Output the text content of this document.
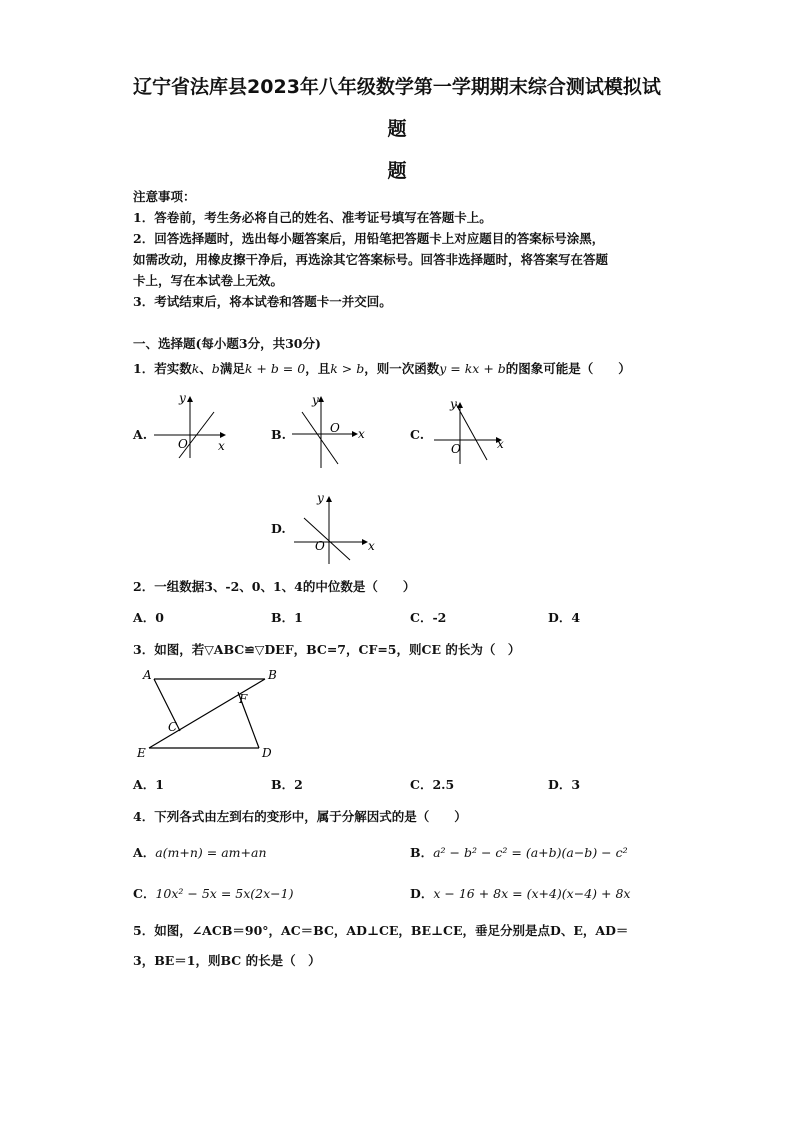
辽宁省法库县2023年八年级数学第一学期期末综合测试模拟试
题
题
注意事项：
1．答卷前，考生务必将自己的姓名、准考证号填写在答题卡上。
2．回答选择题时，选出每小题答案后，用铅笔把答题卡上对应题目的答案标号涂黑，
如需改动，用橡皮擦干净后，再选涂其它答案标号。回答非选择题时，将答案写在答题
卡上，写在本试卷上无效。
3．考试结束后，将本试卷和答题卡一并交回。
一、选择题(每小题3分，共30分)
1．若实数k、b满足k + b = 0，且k > b，则一次函数y = kx + b的图象可能是（　　）
A.	B.	C.
D.
y
x
O
y
x
O
y
x
O
y
x
O
2．一组数据3、-2、0、1、4的中位数是（　　）
A．0	B．1	C．-2	D．4
3．如图，若▽ABC≌▽DEF，BC=7，CF=5，则CE 的长为（　）
A	B
C
D
E
F
A．1	B．2	C．2.5	D．3
4．下列各式由左到右的变形中，属于分解因式的是（　　）
A．a(m+n) = am+an	B．a² − b² − c² = (a+b)(a−b) − c²
C．10x² − 5x = 5x(2x−1)	D．x − 16 + 8x = (x+4)(x−4) + 8x
5．如图，∠ACB＝90°，AC＝BC，AD⊥CE，BE⊥CE，垂足分别是点D、E，AD＝
3，BE＝1，则BC 的长是（　）
